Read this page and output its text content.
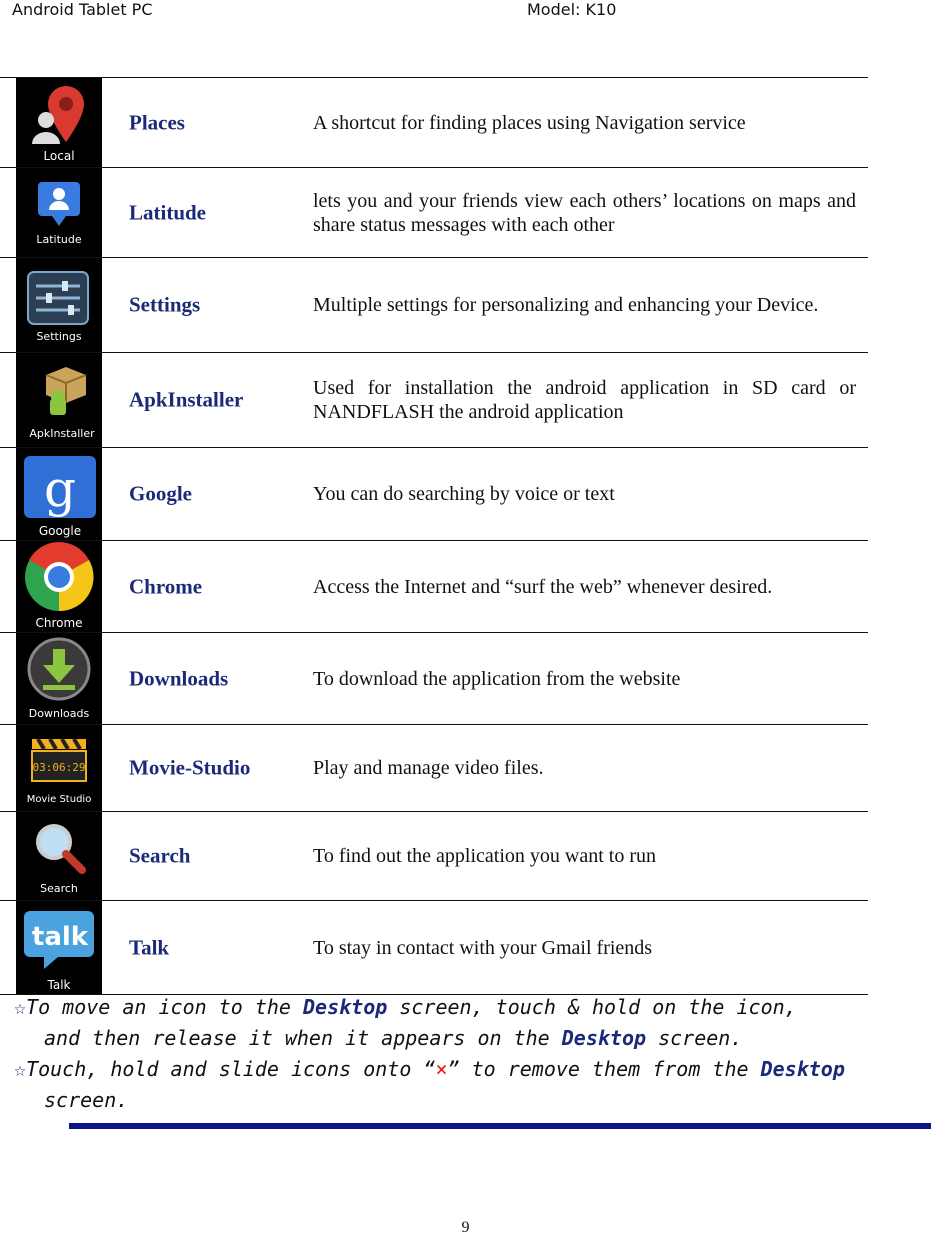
Android Tablet PC	Model: K10
Local
Places	A shortcut for finding places using Navigation service
Latitude
Latitude	lets you and your friends view each others’ locations on maps and share status messages with each other
Settings
Settings	Multiple settings for personalizing and enhancing your Device.
ApkInstaller
ApkInstaller	Used for installation the android application in SD card or NANDFLASH the android application
g
Google
Google	You can do searching by voice or text
Chrome
Chrome	Access the Internet and “surf the web” whenever desired.
Downloads
Downloads	To download the application from the website
03:06:29
Movie Studio
Movie-Studio	Play and manage video files.
Search
Search	To find out the application you want to run
talk
Talk
Talk	To stay in contact with your Gmail friends
☆To move an icon to the Desktop screen, touch & hold on the icon,
and then release it when it appears on the Desktop screen.
☆Touch, hold and slide icons onto “×” to remove them from the Desktop
screen.
9
